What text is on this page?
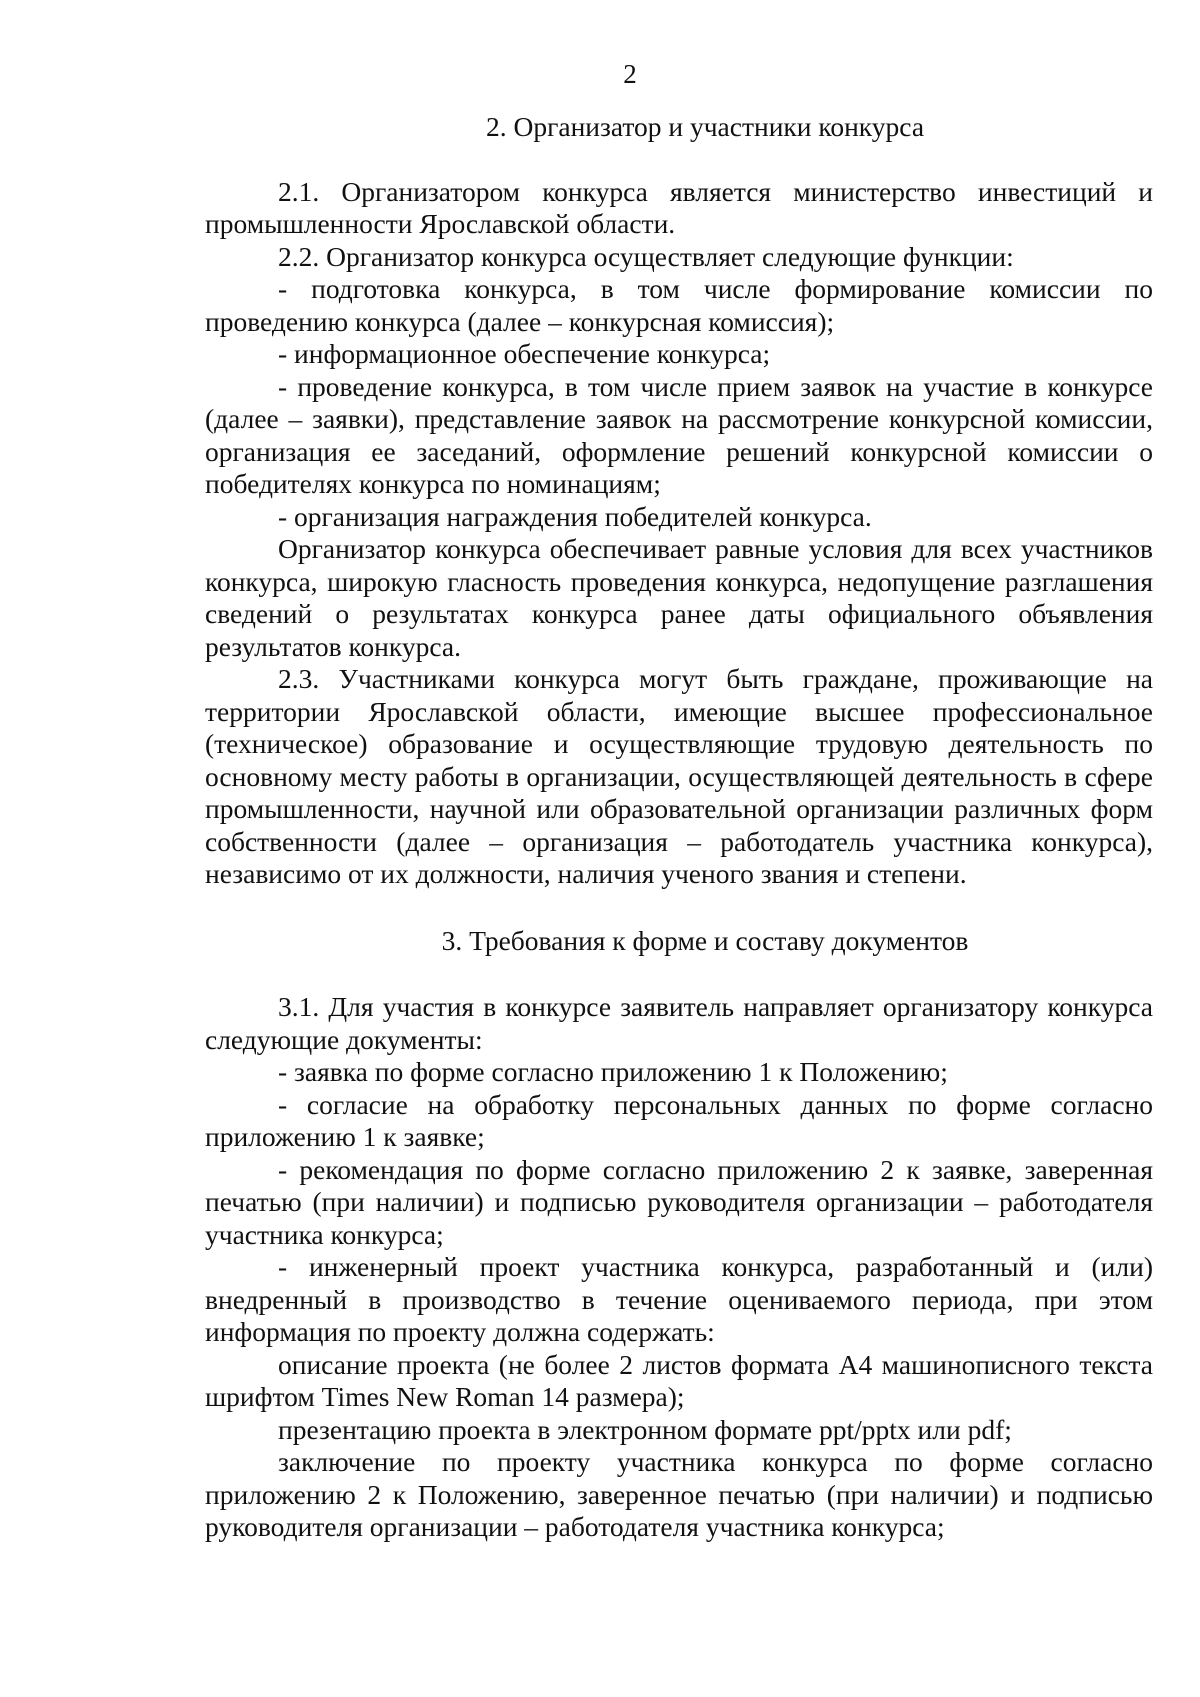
2

2. Организатор и участники конкурса

2.1. Организатором конкурса является министерство инвестиций и промышленности Ярославской области.

2.2. Организатор конкурса осуществляет следующие функции:

- подготовка конкурса, в том числе формирование комиссии по проведению конкурса (далее – конкурсная комиссия);

- информационное обеспечение конкурса;

- проведение конкурса, в том числе прием заявок на участие в конкурсе (далее – заявки), представление заявок на рассмотрение конкурсной комиссии, организация ее заседаний, оформление решений конкурсной комиссии о победителях конкурса по номинациям;

- организация награждения победителей конкурса.

Организатор конкурса обеспечивает равные условия для всех участников конкурса, широкую гласность проведения конкурса, недопущение разглашения сведений о результатах конкурса ранее даты официального объявления результатов конкурса.

2.3. Участниками конкурса могут быть граждане, проживающие на территории Ярославской области, имеющие высшее профессиональное (техническое) образование и осуществляющие трудовую деятельность по основному месту работы в организации, осуществляющей деятельность в сфере промышленности, научной или образовательной организации различных форм собственности (далее – организация – работодатель участника конкурса), независимо от их должности, наличия ученого звания и степени.

3. Требования к форме и составу документов

3.1. Для участия в конкурсе заявитель направляет организатору конкурса следующие документы:

- заявка по форме согласно приложению 1 к Положению;

- согласие на обработку персональных данных по форме согласно приложению 1 к заявке;

- рекомендация по форме согласно приложению 2 к заявке, заверенная печатью (при наличии) и подписью руководителя организации – работодателя участника конкурса;

- инженерный проект участника конкурса, разработанный и (или) внедренный в производство в течение оцениваемого периода, при этом информация по проекту должна содержать:

описание проекта (не более 2 листов формата А4 машинописного текста шрифтом Times New Roman 14 размера);

презентацию проекта в электронном формате ppt/pptx или pdf;

заключение по проекту участника конкурса по форме согласно приложению 2 к Положению, заверенное печатью (при наличии) и подписью руководителя организации – работодателя участника конкурса;
